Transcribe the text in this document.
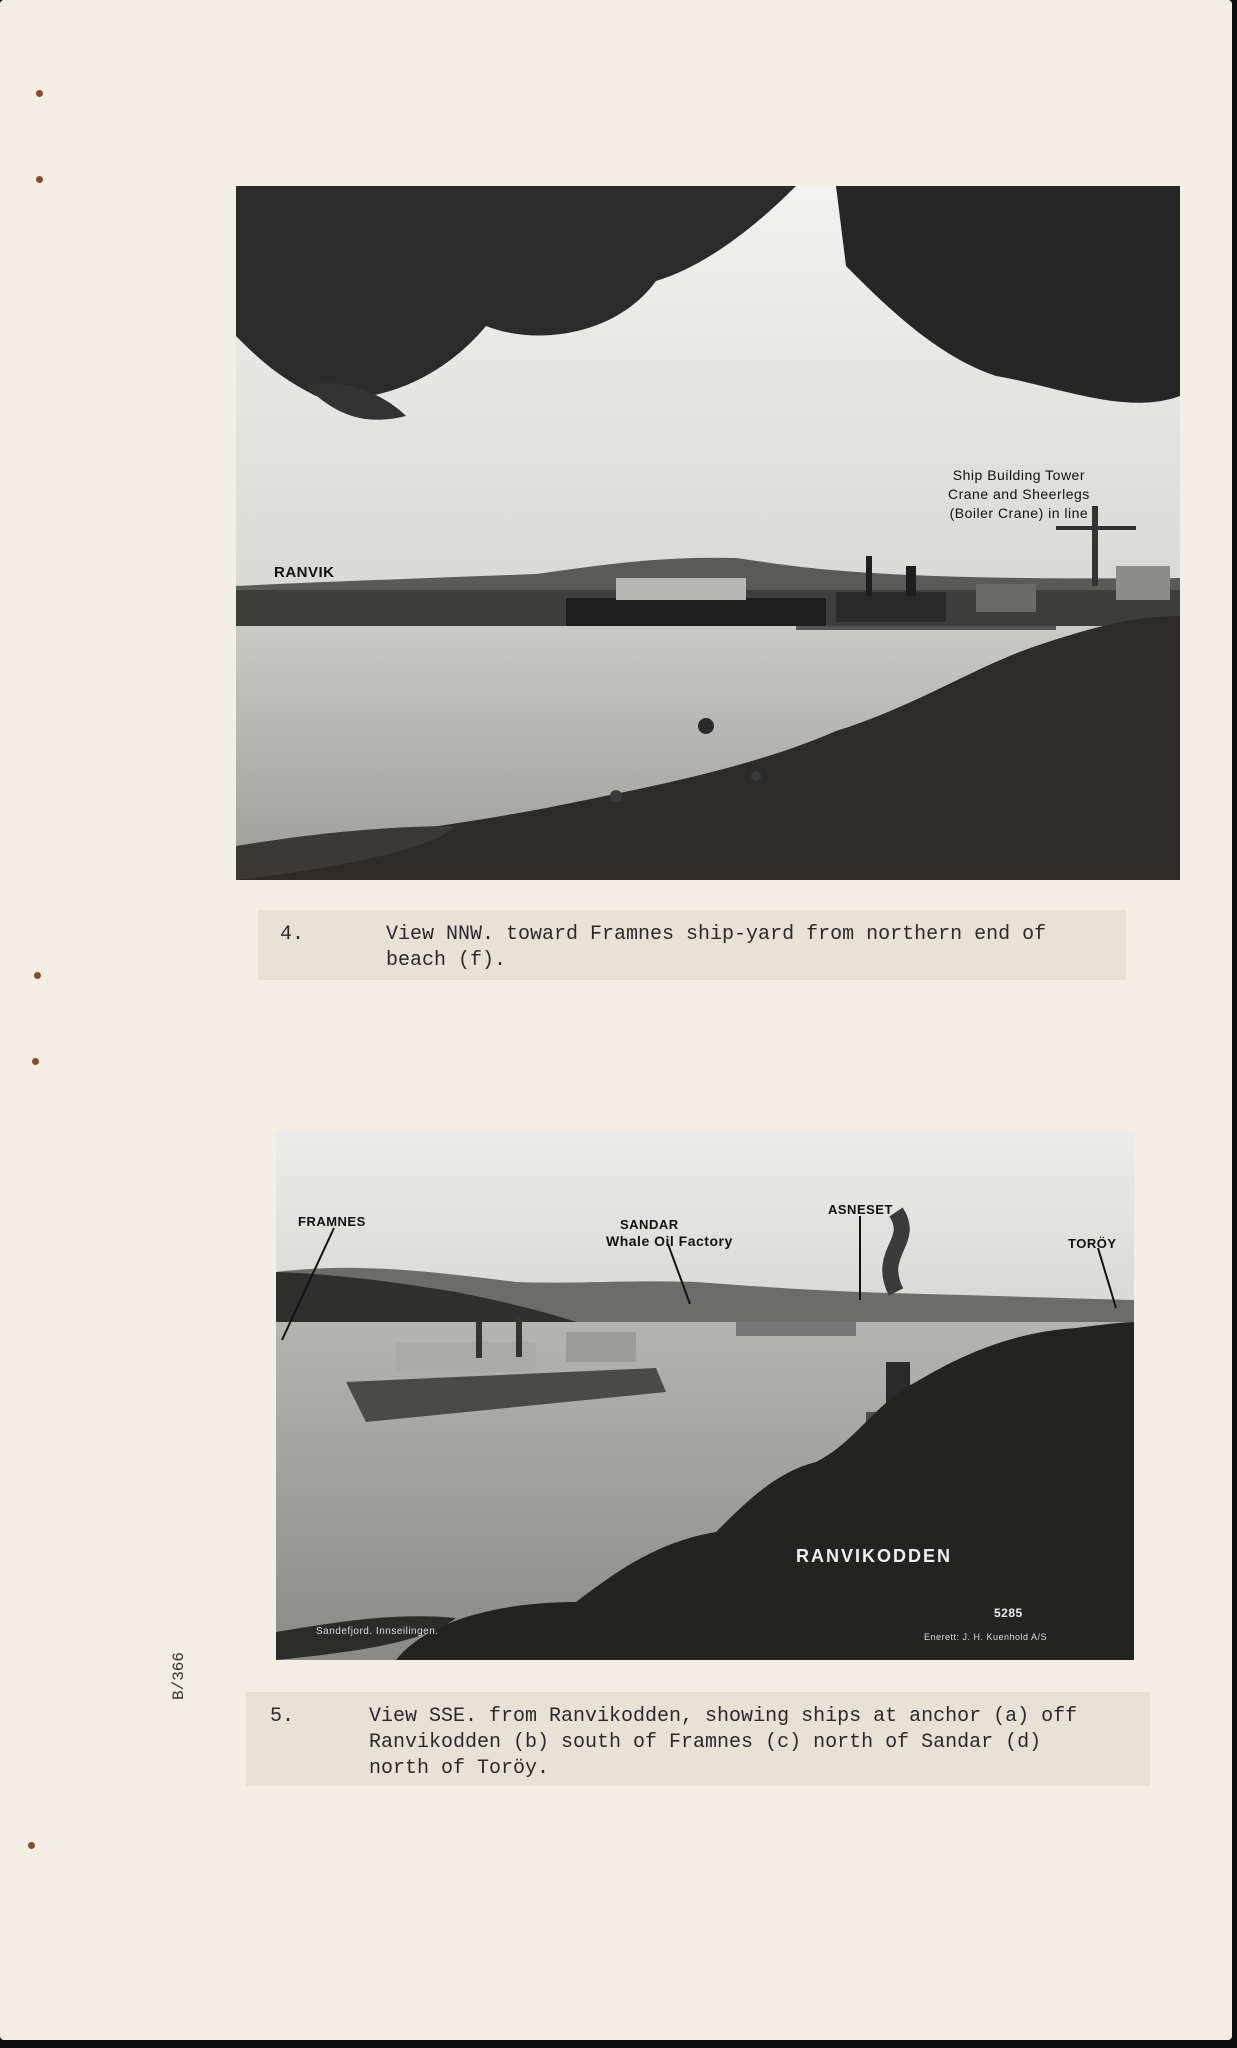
RANVIK
Ship Building Tower
Crane and Sheerlegs
(Boiler Crane) in line
4.	View NNW. toward Framnes ship-yard from northern end of
beach (f).
FRAMNES	SANDAR
Whale Oil Factory
ASNESET
TORÖY
RANVIKODDEN
5285
Sandefjord. Innseilingen.	Enerett: J. H. Kuenhold A/S
5.	View SSE. from Ranvikodden, showing ships at anchor (a) off
Ranvikodden (b) south of Framnes (c) north of Sandar (d)
north of Toröy.
B/366
